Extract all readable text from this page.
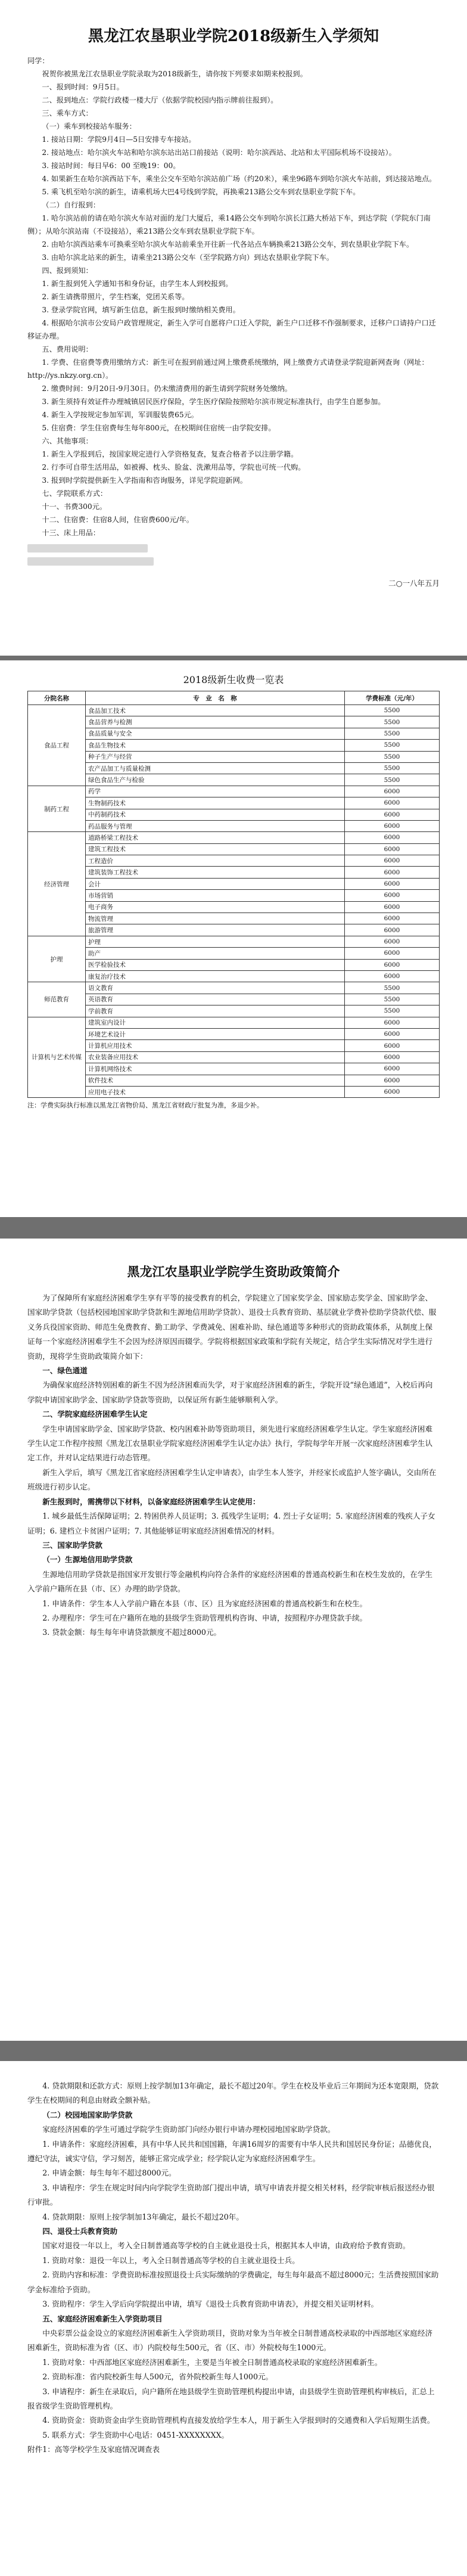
黑龙江农垦职业学院2018级新生入学须知

同学：

祝贺你被黑龙江农垦职业学院录取为2018级新生，请你按下列要求如期来校报到。

一、报到时间：9月5日。

二、报到地点：学院行政楼一楼大厅（依据学院校园内指示牌前往报到）。

三、乘车方式：

（一）乘车到校接站车服务：

1. 接站日期：学院9月4日—5日安排专车接站。

2. 接站地点：哈尔滨火车站和哈尔滨东站出站口前接站（说明：哈尔滨西站、北站和太平国际机场不设接站）。

3. 接站时间：每日早6：00 至晚19：00。

4. 如果新生在哈尔滨西站下车，乘坐公交车至哈尔滨站前广场（约20米），乘坐96路车到哈尔滨火车站前，到达接站地点。

5. 乘飞机至哈尔滨的新生，请乘机场大巴4号线到学院，再换乘213路公交车到农垦职业学院下车。

（二）自行报到：

1. 哈尔滨站前的请在哈尔滨火车站对面的龙门大厦后，乘14路公交车到哈尔滨长江路大桥站下车，到达学院（学院东门南侧）；从哈尔滨站南（不设接站），乘213路公交车到农垦职业学院下车。

2. 由哈尔滨西站乘车可换乘至哈尔滨火车站前乘坐开往新一代各站点车辆换乘213路公交车，到农垦职业学院下车。

3. 由哈尔滨北站来的新生，请乘坐213路公交车（至学院路方向）到达农垦职业学院下车。

四、报到须知：

1. 新生报到凭入学通知书和身份证，由学生本人到校报到。

2. 新生请携带照片，学生档案，党团关系等。

3. 登录学院官网，填写新生信息，新生报到时缴纳相关费用。

4. 根据哈尔滨市公安局户政管理规定，新生入学可自愿将户口迁入学院，新生户口迁移不作强制要求，迁移户口请持户口迁移证办理。

五、费用说明：

1. 学费、住宿费等费用缴纳方式：新生可在报到前通过网上缴费系统缴纳，网上缴费方式请登录学院迎新网查询（网址：http://ys.nkzy.org.cn）。

2. 缴费时间：9月20日-9月30日。仍未缴清费用的新生请到学院财务处缴纳。

3. 新生须持有效证件办理城镇居民医疗保险，学生医疗保险按照哈尔滨市规定标准执行，由学生自愿参加。

4. 新生入学按规定参加军训，军训服装费65元。

5. 住宿费：学生住宿费每生每年800元，在校期间住宿统一由学院安排。

六、其他事项：

1. 新生入学报到后，按国家规定进行入学资格复查，复查合格者予以注册学籍。

2. 行李可自带生活用品，如被褥、枕头、脸盆、洗漱用品等，学院也可统一代购。

3. 报到时学院提供新生入学指南和咨询服务，详见学院迎新网。

七、学院联系方式：

十一、书费300元。

十二、住宿费：住宿8人间，住宿费600元/年。

十三、床上用品：

二○一八年五月
2018级新生收费一览表
分院名称	专　业　名　称	学费标准（元/年）
食品工程	食品加工技术	5500
	食品营养与检测	5500
	食品质量与安全	5500
	食品生物技术	5500
	种子生产与经营	5500
	农产品加工与质量检测	5500
	绿色食品生产与检验	5500
制药工程	药学	6000
	生物制药技术	6000
	中药制药技术	6000
	药品服务与管理	6000
经济管理	道路桥梁工程技术	6000
	建筑工程技术	6000
	工程造价	6000
	建筑装饰工程技术	6000
	会计	6000
	市场营销	6000
	电子商务	6000
	物流管理	6000
	旅游管理	6000
护理	护理	6000
	助产	6000
	医学检验技术	6000
	康复治疗技术	6000
师范教育	语文教育	5500
	英语教育	5500
	学前教育	5500
计算机与艺术传媒	建筑室内设计	6000
	环境艺术设计	6000
	计算机应用技术	6000
	农业装备应用技术	6000
	计算机网络技术	6000
	软件技术	6000
	应用电子技术	6000
注：学费实际执行标准以黑龙江省物价局、黑龙江省财政厅批复为准，多退少补。
黑龙江农垦职业学院学生资助政策简介

为了保障所有家庭经济困难学生享有平等的接受教育的机会，学院建立了国家奖学金、国家励志奖学金、国家助学金、国家助学贷款（包括校园地国家助学贷款和生源地信用助学贷款）、退役士兵教育资助、基层就业学费补偿助学贷款代偿、服义务兵役国家资助、师范生免费教育、勤工助学、学费减免、困难补助、绿色通道等多种形式的资助政策体系，从制度上保证每一个家庭经济困难学生不会因为经济原因而辍学。学院将根据国家政策和学院有关规定，结合学生实际情况对学生进行资助，现将学生资助政策简介如下：

一、绿色通道

为确保家庭经济特别困难的新生不因为经济困难而失学，对于家庭经济困难的新生，学院开设“绿色通道”，入校后再向学院申请国家助学金、国家助学贷款等资助，以保证所有新生能够顺利入学。

二、学院家庭经济困难学生认定

学生申请国家助学金、国家助学贷款、校内困难补助等资助项目，须先进行家庭经济困难学生认定。学生家庭经济困难学生认定工作程序按照《黑龙江农垦职业学院家庭经济困难学生认定办法》执行，学院每学年开展一次家庭经济困难学生认定工作，并对认定结果进行动态管理。

新生入学后，填写《黑龙江省家庭经济困难学生认定申请表》，由学生本人签字，并经家长或监护人签字确认，交由所在班级进行初步认定。

新生报到时，需携带以下材料，以备家庭经济困难学生认定使用：

1. 城乡最低生活保障证明；2. 特困供养人员证明；3. 孤残学生证明；4. 烈士子女证明；5. 家庭经济困难的残疾人子女证明；6. 建档立卡贫困户证明；7. 其他能够证明家庭经济困难情况的材料。

三、国家助学贷款

（一）生源地信用助学贷款

生源地信用助学贷款是指国家开发银行等金融机构向符合条件的家庭经济困难的普通高校新生和在校生发放的，在学生入学前户籍所在县（市、区）办理的助学贷款。

1. 申请条件：学生本人入学前户籍在本县（市、区）且为家庭经济困难的普通高校新生和在校生。

2. 办理程序：学生可在户籍所在地的县级学生资助管理机构咨询、申请，按照程序办理贷款手续。

3. 贷款金额：每生每年申请贷款额度不超过8000元。

4. 贷款期限和还款方式：原则上按学制加13年确定，最长不超过20年。学生在校及毕业后三年期间为还本宽限期，贷款学生在校期间的利息由财政全额补贴。

（二）校园地国家助学贷款

家庭经济困难的学生可通过学院学生资助部门向经办银行申请办理校园地国家助学贷款。

1. 申请条件：家庭经济困难，具有中华人民共和国国籍，年满16周岁的需要有中华人民共和国居民身份证；品德优良，遵纪守法，诚实守信，学习刻苦，能够正常完成学业；经学院认定为家庭经济困难学生。

2. 申请金额：每生每年不超过8000元。

3. 申请程序：学生在规定时间内向学院学生资助部门提出申请，填写申请表并提交相关材料，经学院审核后报送经办银行审批。

4. 贷款期限：原则上按学制加13年确定，最长不超过20年。

四、退役士兵教育资助

国家对退役一年以上，考入全日制普通高等学校的自主就业退役士兵，根据其本人申请，由政府给予教育资助。

1. 资助对象：退役一年以上，考入全日制普通高等学校的自主就业退役士兵。

2. 资助内容和标准：学费资助标准按照退役士兵实际缴纳的学费确定，每生每年最高不超过8000元；生活费按照国家助学金标准给予资助。

3. 资助程序：学生入学后向学院提出申请，填写《退役士兵教育资助申请表》，并提交相关证明材料。

五、家庭经济困难新生入学资助项目

中央彩票公益金设立的家庭经济困难新生入学资助项目，资助对象为当年被全日制普通高校录取的中西部地区家庭经济困难新生，资助标准为省（区、市）内院校每生500元，省（区、市）外院校每生1000元。

1. 资助对象：中西部地区家庭经济困难新生，主要是当年被全日制普通高校录取的家庭经济困难新生。

2. 资助标准：省内院校新生每人500元，省外院校新生每人1000元。

3. 申请程序：新生在录取后，向户籍所在地县级学生资助管理机构提出申请，由县级学生资助管理机构审核后，汇总上报省级学生资助管理机构。

4. 资助资金：资助资金由学生资助管理机构直接发放给学生本人，用于新生入学报到时的交通费和入学后短期生活费。

5. 联系方式：学生资助中心电话：0451-XXXXXXXX。

附件1：高等学校学生及家庭情况调查表
